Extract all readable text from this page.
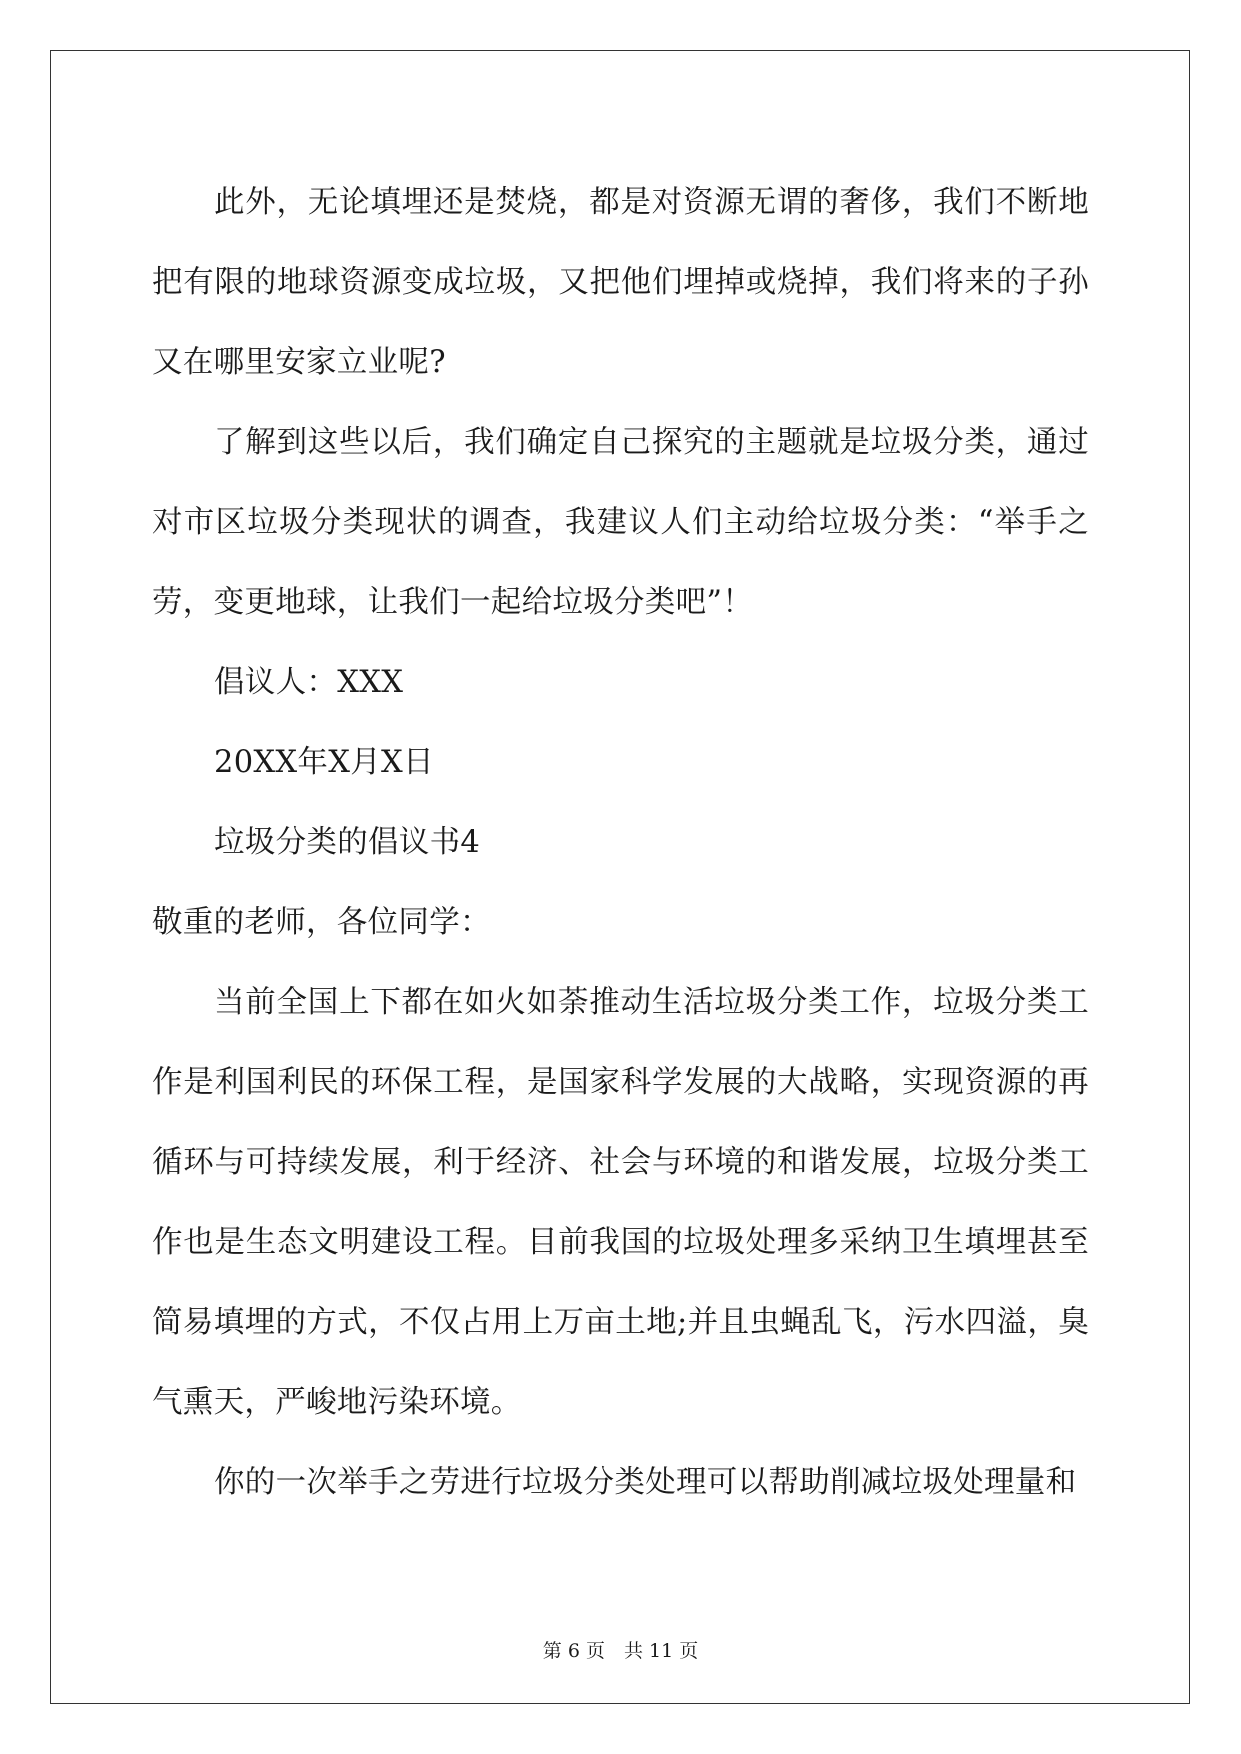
此外，无论填埋还是焚烧，都是对资源无谓的奢侈，我们不断地把有限的地球资源变成垃圾，又把他们埋掉或烧掉，我们将来的子孙又在哪里安家立业呢?

了解到这些以后，我们确定自己探究的主题就是垃圾分类，通过对市区垃圾分类现状的调查，我建议人们主动给垃圾分类：“举手之劳，变更地球，让我们一起给垃圾分类吧”！

倡议人：XXX

20XX年X月X日

垃圾分类的倡议书4

敬重的老师，各位同学：

当前全国上下都在如火如荼推动生活垃圾分类工作，垃圾分类工作是利国利民的环保工程，是国家科学发展的大战略，实现资源的再循环与可持续发展，利于经济、社会与环境的和谐发展，垃圾分类工作也是生态文明建设工程。目前我国的垃圾处理多采纳卫生填埋甚至简易填埋的方式，不仅占用上万亩土地;并且虫蝇乱飞，污水四溢，臭气熏天，严峻地污染环境。

你的一次举手之劳进行垃圾分类处理可以帮助削减垃圾处理量和

第 6 页　共 11 页
